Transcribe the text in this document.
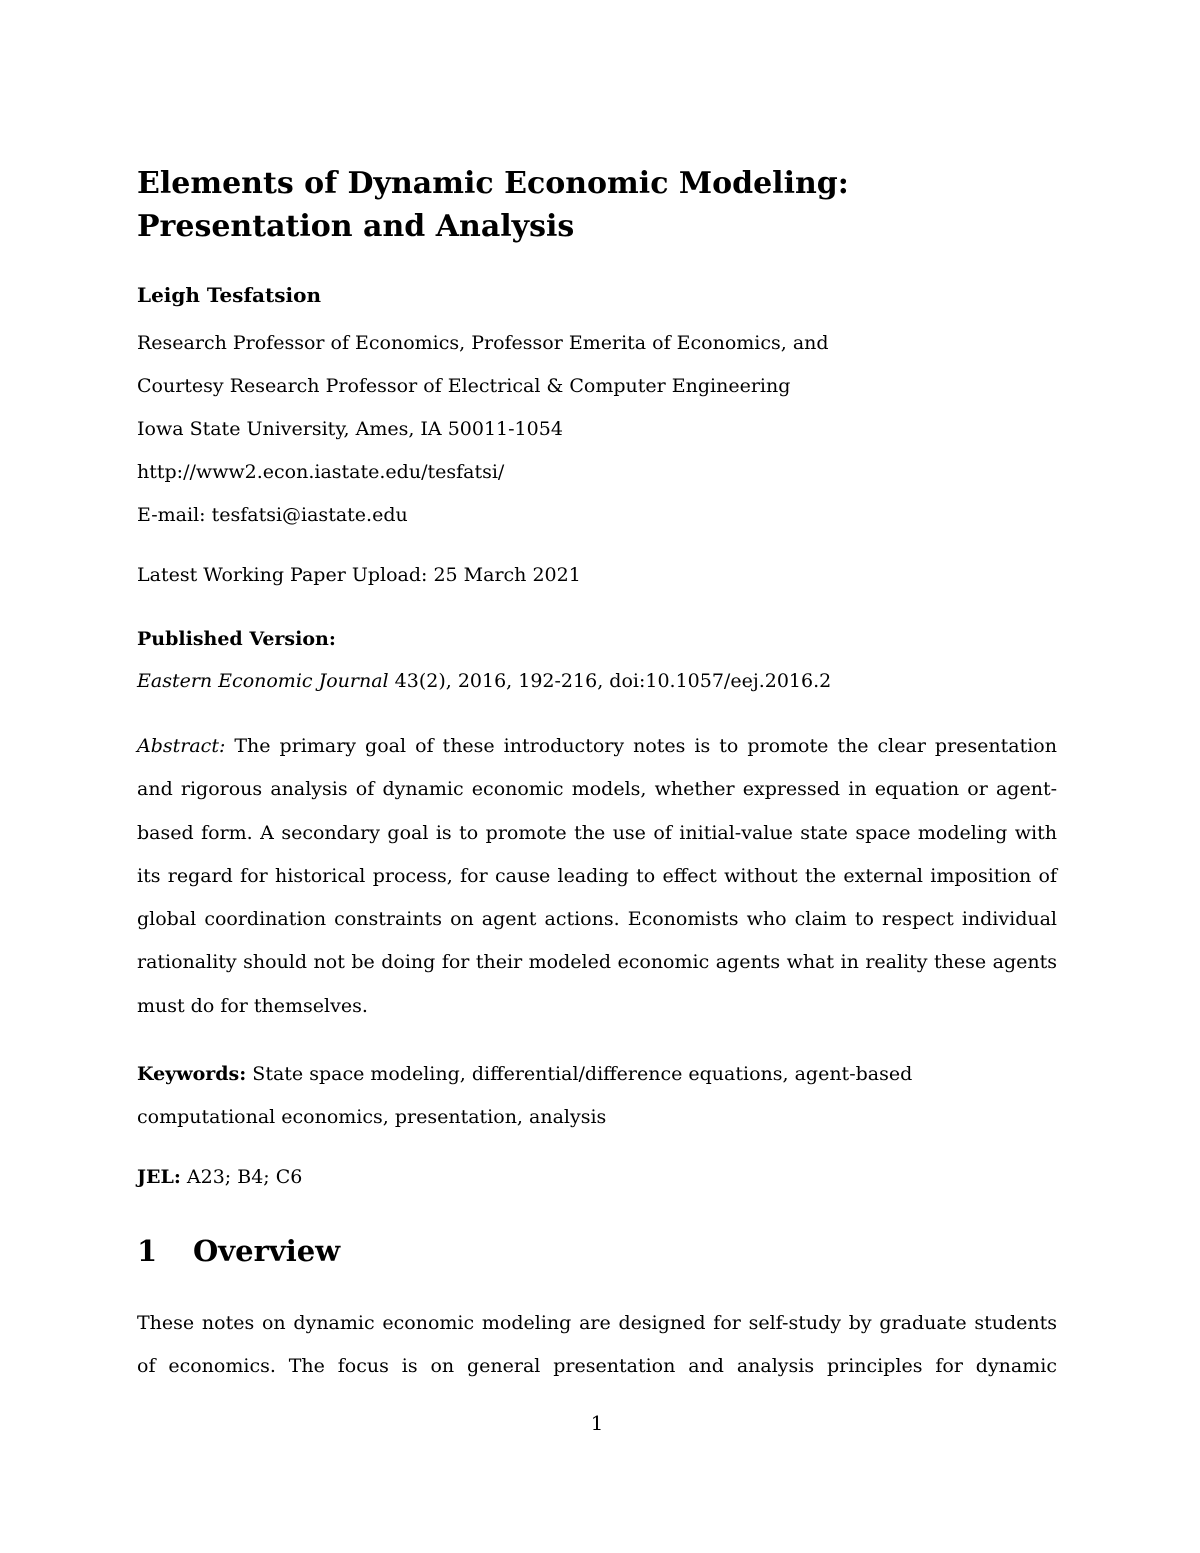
Elements of Dynamic Economic Modeling:
Presentation and Analysis
Leigh Tesfatsion
Research Professor of Economics, Professor Emerita of Economics, and
Courtesy Research Professor of Electrical & Computer Engineering
Iowa State University, Ames, IA 50011-1054
http://www2.econ.iastate.edu/tesfatsi/
E-mail: tesfatsi@iastate.edu
Latest Working Paper Upload: 25 March 2021
Published Version:
Eastern Economic Journal 43(2), 2016, 192-216, doi:10.1057/eej.2016.2

Abstract: The primary goal of these introductory notes is to promote the clear presentation and rigorous analysis of dynamic economic models, whether expressed in equation or agent-based form. A secondary goal is to promote the use of initial-value state space modeling with its regard for historical process, for cause leading to effect without the external imposition of global coordination constraints on agent actions. Economists who claim to respect individual rationality should not be doing for their modeled economic agents what in reality these agents must do for themselves.

Keywords: State space modeling, differential/difference equations, agent-based computational economics, presentation, analysis

JEL: A23; B4; C6
1 Overview

These notes on dynamic economic modeling are designed for self-study by graduate students of economics. The focus is on general presentation and analysis principles for dynamic

1
